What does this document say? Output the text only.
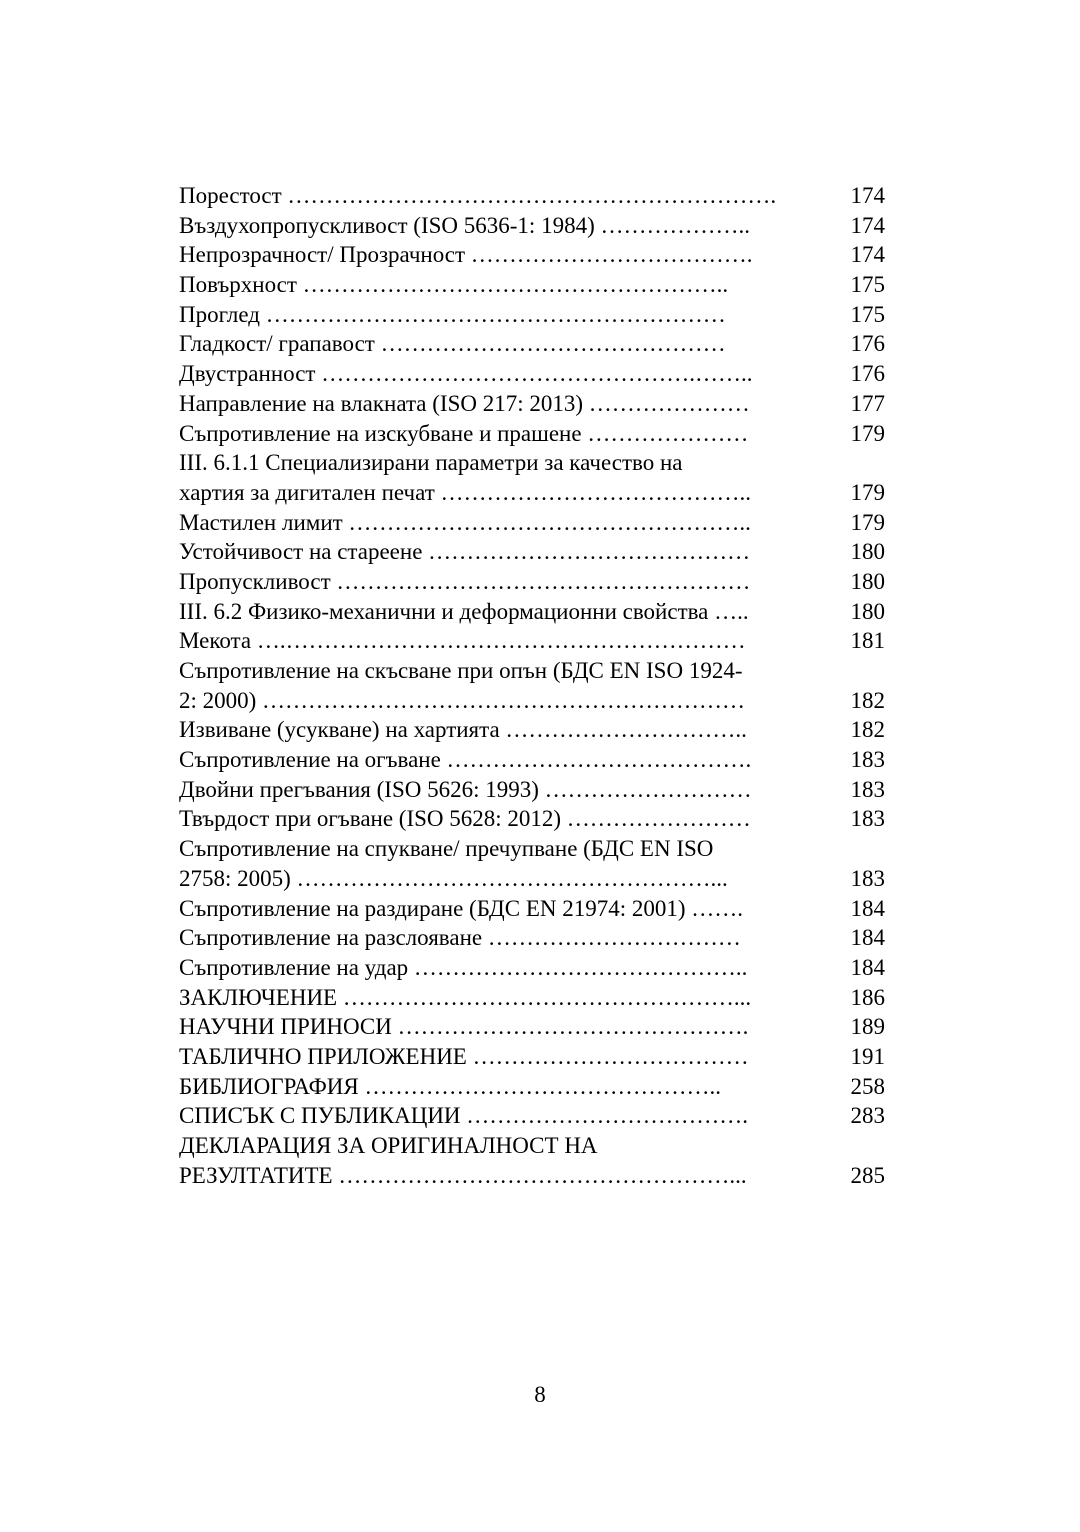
Порестост ……………………………………………………….	174
Въздухопропускливост (ISO 5636-1: 1984) ………………..	174
Непрозрачност/ Прозрачност ……………………………….	174
Повърхност ………………………………………………..	175
Проглед ……………………………………………………	175
Гладкост/ грапавост ………………………………………	176
Двустранност ………………………………………….……..	176
Направление на влакната (ISO 217: 2013) …………………	177
Съпротивление на изскубване и прашене …………………	179
III. 6.1.1 Специализирани параметри за качество на
хартия за дигитален печат …………………………………..	179
Мастилен лимит ……………………………………………..	179
Устойчивост на стареене ……………………………………	180
Пропускливост ………………………………………………	180
III. 6.2 Физико-механични и деформационни свойства …..	180
Мекота ….……………………………………………………	181
Съпротивление на скъсване при опън (БДС EN ISO 1924-
2: 2000) ………………………………………………………	182
Извиване (усукване) на хартията …………………………..	182
Съпротивление на огъване ………………………………….	183
Двойни прегъвания (ISO 5626: 1993) ………………………	183
Твърдост при огъване (ISO 5628: 2012) ……………………	183
Съпротивление на спукване/ пречупване (БДС EN ISO
2758: 2005) ………………………………………………...	183
Съпротивление на раздиране (БДС EN 21974: 2001) …….	184
Съпротивление на разслояване ……………………………	184
Съпротивление на удар ……………………………………..	184
ЗАКЛЮЧЕНИЕ ……………………………………………...	186
НАУЧНИ ПРИНОСИ ……………………………………….	189
ТАБЛИЧНО ПРИЛОЖЕНИЕ ………………………………	191
БИБЛИОГРАФИЯ ………………………………………..	258
СПИСЪК С ПУБЛИКАЦИИ ……………………………….	283
ДЕКЛАРАЦИЯ ЗА ОРИГИНАЛНОСТ НА
РЕЗУЛТАТИТЕ ……………………………………………...	285
8
